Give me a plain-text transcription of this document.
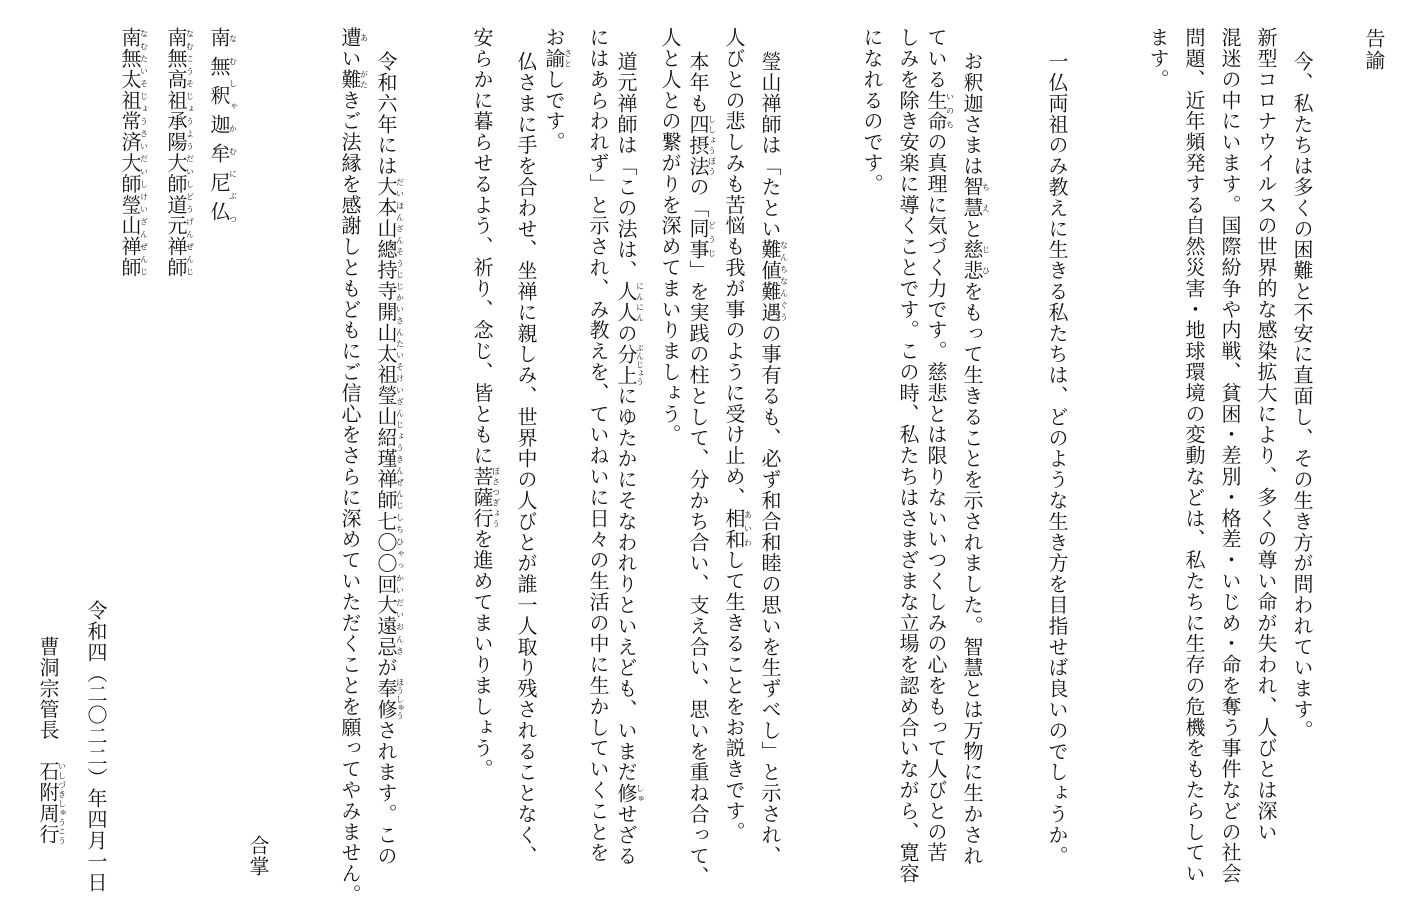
告諭
今、私たちは多くの困難と不安に直面し、その生き方が問われています。
新型コロナウイルスの世界的な感染拡大により、多くの尊い命が失われ、人びとは深い
混迷の中にいます。国際紛争や内戦、貧困・差別・格差・いじめ・命を奪う事件などの社会
問題、近年頻発する自然災害・地球環境の変動などは、私たちに生存の危機をもたらしてい
ます。
一仏両祖のみ教えに生きる私たちは、どのような生き方を目指せば良いのでしょうか。
お釈迦さまは智慧ちえと慈悲じひをもって生きることを示されました。智慧とは万物に生かされ
ている生命いのちの真理に気づく力です。慈悲とは限りないいつくしみの心をもって人びとの苦
しみを除き安楽に導くことです。この時、私たちはさまざまな立場を認め合いながら、寛容
になれるのです。
瑩山禅師は「たとい難値難遇なんちなんぐうの事有るも、必ず和合和睦の思いを生ずべし」と示され、
人びとの悲しみも苦悩も我が事のように受け止め、相和あいわして生きることをお説きです。
本年も四摂法ししょうぼうの「同事どうじ」を実践の柱として、分かち合い、支え合い、思いを重ね合って、
人と人との繋がりを深めてまいりましょう。
道元禅師は「この法は、人人にんにんの分上ぶんじょうにゆたかにそなわれりといえども、いまだ修しゅせざる
にはあらわれず」と示され、み教えを、ていねいに日々の生活の中に生かしていくことを
お諭さとしです。
仏さまに手を合わせ、坐禅に親しみ、世界中の人びとが誰一人取り残されることなく、
安らかに暮らせるよう、祈り、念じ、皆ともに菩薩行ぼさつぎょうを進めてまいりましょう。
令和六年には大本山總持寺開山太祖瑩山紹瑾禅師だいほんざんそうじじかいさんたいそけいざんじょうきんぜんじ七〇〇回大遠忌しちひゃっかいだいおんきが奉修ほうしゅうされます。この
遭あい難がたきご法縁を感謝しともどもにご信心をさらに深めていただくことを願ってやみません。
合掌
令和四（二〇二二）年四月一日
曹洞宗管長　石附周行いしづきしゅうこう
南無釈迦牟尼仏なむしゃかむにぶつ
南無高祖承陽大師道元禅師なむこうそじょうようだいしどうげんぜんじ
南無太祖常済大師瑩山禅師なむたいそじょうさいだいしけいざんぜんじ
